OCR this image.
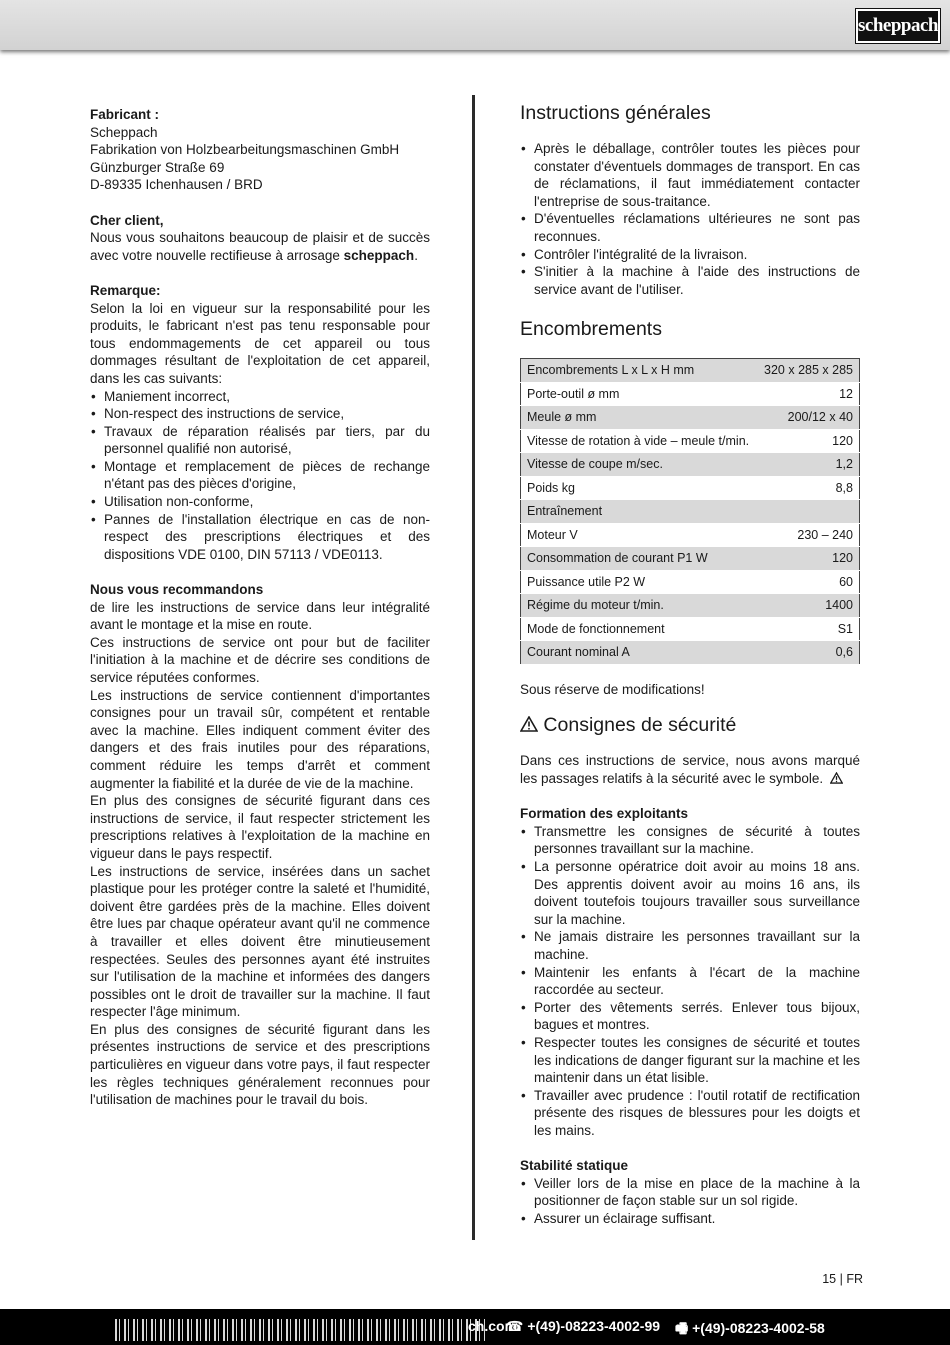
scheppach

Fabricant :

Scheppach
Fabrikation von Holzbearbeitungsmaschinen GmbH
Günzburger Straße 69
D-89335 Ichenhausen / BRD

Cher client,

Nous vous souhaitons beaucoup de plaisir et de succès avec votre nouvelle rectifieuse à arrosage scheppach.

Remarque:

Selon la loi en vigueur sur la responsabilité pour les produits, le fabricant n'est pas tenu responsable pour tous endommagements de cet appareil ou tous dommages résultant de l'exploitation de cet appareil, dans les cas suivants:

• Maniement incorrect,
• Non-respect des instructions de service,
• Travaux de réparation réalisés par tiers, par du personnel qualifié non autorisé,
• Montage et remplacement de pièces de rechange n'étant pas des pièces d'origine,
• Utilisation non-conforme,
• Pannes de l'installation électrique en cas de non-respect des prescriptions électriques et des dispositions VDE 0100, DIN 57113 / VDE0113.

Nous vous recommandons

de lire les instructions de service dans leur intégralité avant le montage et la mise en route.

Ces instructions de service ont pour but de faciliter l'initiation à la machine et de décrire ses conditions de service réputées conformes.

Les instructions de service contiennent d'importantes consignes pour un travail sûr, compétent et rentable avec la machine. Elles indiquent comment éviter des dangers et des frais inutiles pour des réparations, comment réduire les temps d'arrêt et comment augmenter la fiabilité et la durée de vie de la machine.

En plus des consignes de sécurité figurant dans ces instructions de service, il faut respecter strictement les prescriptions relatives à l'exploitation de la machine en vigueur dans le pays respectif.

Les instructions de service, insérées dans un sachet plastique pour les protéger contre la saleté et l'humidité, doivent être gardées près de la machine. Elles doivent être lues par chaque opérateur avant qu'il ne commence à travailler et elles doivent être minutieusement respectées. Seules des personnes ayant été instruites sur l'utilisation de la machine et informées des dangers possibles ont le droit de travailler sur la machine. Il faut respecter l'âge minimum.

En plus des consignes de sécurité figurant dans les présentes instructions de service et des prescriptions particulières en vigueur dans votre pays, il faut respecter les règles techniques généralement reconnues pour l'utilisation de machines pour le travail du bois.

Instructions générales
• Après le déballage, contrôler toutes les pièces pour constater d'éventuels dommages de transport. En cas de réclamations, il faut immédiatement contacter l'entreprise de sous-traitance.
• D'éventuelles réclamations ultérieures ne sont pas reconnues.
• Contrôler l'intégralité de la livraison.
• S'initier à la machine à l'aide des instructions de service avant de l'utiliser.
Encombrements
Encombrements L x L x H mm	320 x 285 x 285
Porte-outil ø mm	12
Meule ø mm	200/12 x 40
Vitesse de rotation à vide – meule t/min.	120
Vitesse de coupe m/sec.	1,2
Poids kg	8,8
Entraînement	
Moteur V	230 – 240
Consommation de courant P1 W	120
Puissance utile P2 W	60
Régime du moteur t/min.	1400
Mode de fonctionnement	S1
Courant nominal A	0,6

Sous réserve de modifications!

Consignes de sécurité

Dans ces instructions de service, nous avons marqué les passages relatifs à la sécurité avec le symbole.

Formation des exploitants

• Transmettre les consignes de sécurité à toutes personnes travaillant sur la machine.
• La personne opératrice doit avoir au moins 18 ans. Des apprentis doivent avoir au moins 16 ans, ils doivent toutefois toujours travailler sous surveillance sur la machine.
• Ne jamais distraire les personnes travaillant sur la machine.
• Maintenir les enfants à l'écart de la machine raccordée au secteur.
• Porter des vêtements serrés. Enlever tous bijoux, bagues et montres.
• Respecter toutes les consignes de sécurité et toutes les indications de danger figurant sur la machine et les maintenir dans un état lisible.
• Travailler avec prudence : l'outil rotatif de rectification présente des risques de blessures pour les doigts et les mains.

Stabilité statique

• Veiller lors de la mise en place de la machine à la positionner de façon stable sur un sol rigide.
• Assurer un éclairage suffisant.
15 | FR
ch.com
☎ +(49)-08223-4002-99 🖷 +(49)-08223-4002-58
